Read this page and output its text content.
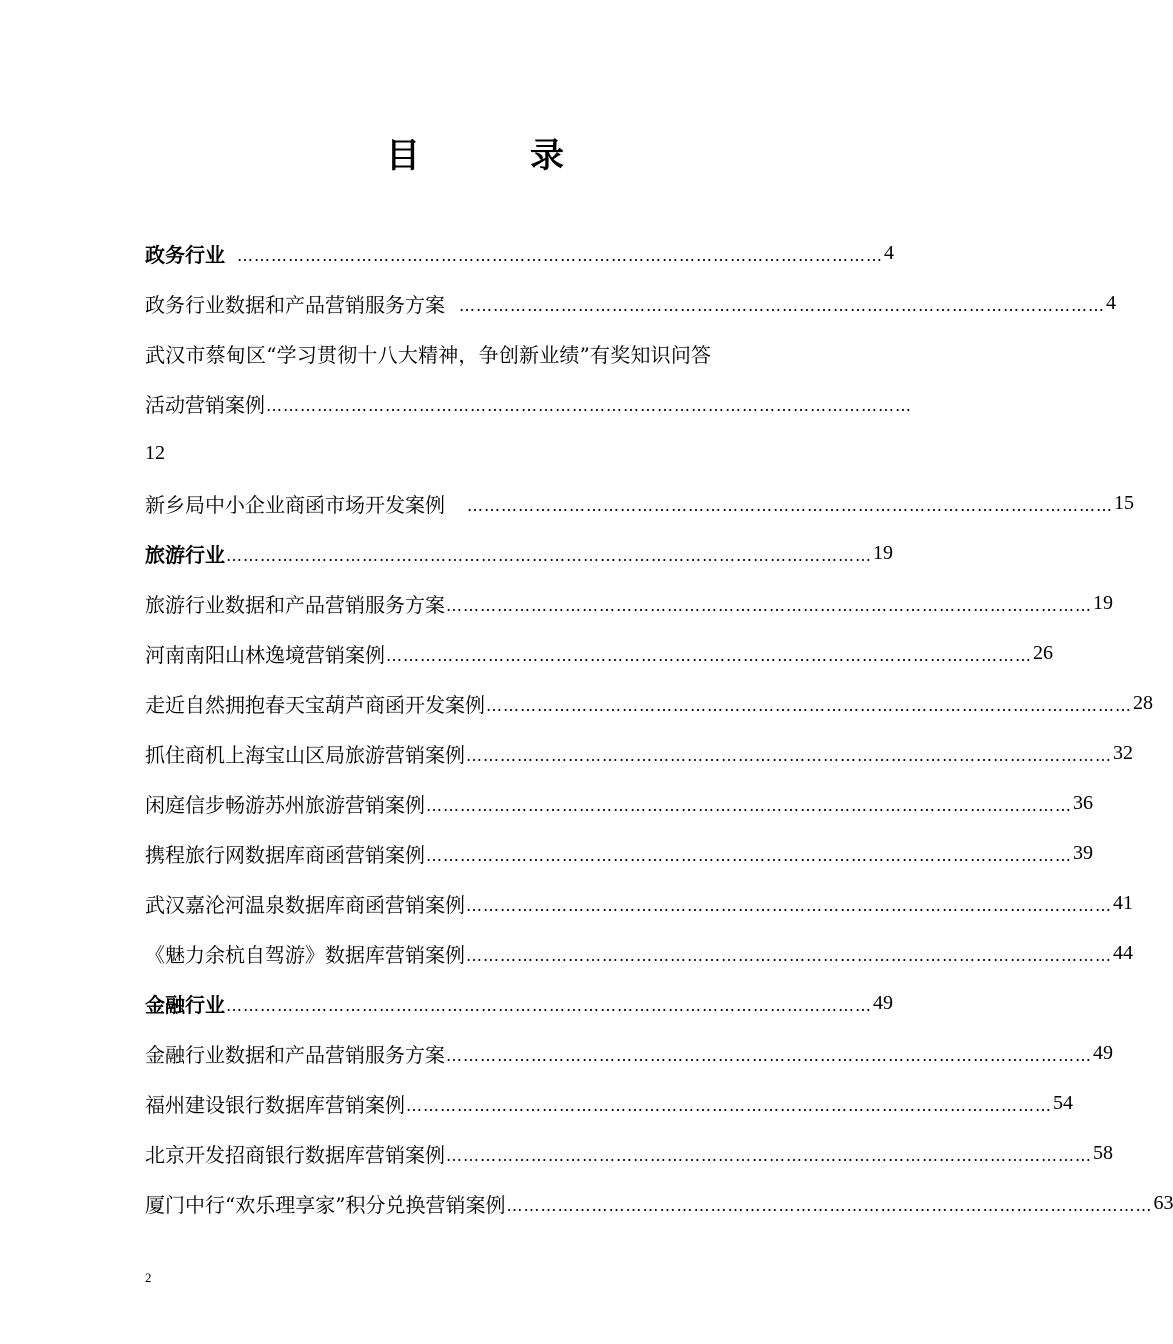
目	录
政务行业 …………………………………………………………………………………………………… 4
政务行业数据和产品营销服务方案 …………………………………………………………………………………………………… 4
武汉市蔡甸区“学习贯彻十八大精神，争创新业绩”有奖知识问答
活动营销案例 ……………………………………………………………………………………………………
12
新乡局中小企业商函市场开发案例 …………………………………………………………………………………………………… 15
旅游行业 …………………………………………………………………………………………………… 19
旅游行业数据和产品营销服务方案 …………………………………………………………………………………………………… 19
河南南阳山林逸境营销案例 …………………………………………………………………………………………………… 26
走近自然拥抱春天宝葫芦商函开发案例 …………………………………………………………………………………………………… 28
抓住商机上海宝山区局旅游营销案例 …………………………………………………………………………………………………… 32
闲庭信步畅游苏州旅游营销案例 …………………………………………………………………………………………………… 36
携程旅行网数据库商函营销案例 …………………………………………………………………………………………………… 39
武汉嘉沦河温泉数据库商函营销案例 …………………………………………………………………………………………………… 41
《魅力余杭自驾游》数据库营销案例 …………………………………………………………………………………………………… 44
金融行业 …………………………………………………………………………………………………… 49
金融行业数据和产品营销服务方案 …………………………………………………………………………………………………… 49
福州建设银行数据库营销案例 …………………………………………………………………………………………………… 54
北京开发招商银行数据库营销案例 …………………………………………………………………………………………………… 58
厦门中行“欢乐理享家”积分兑换营销案例 …………………………………………………………………………………………………… 63
2
